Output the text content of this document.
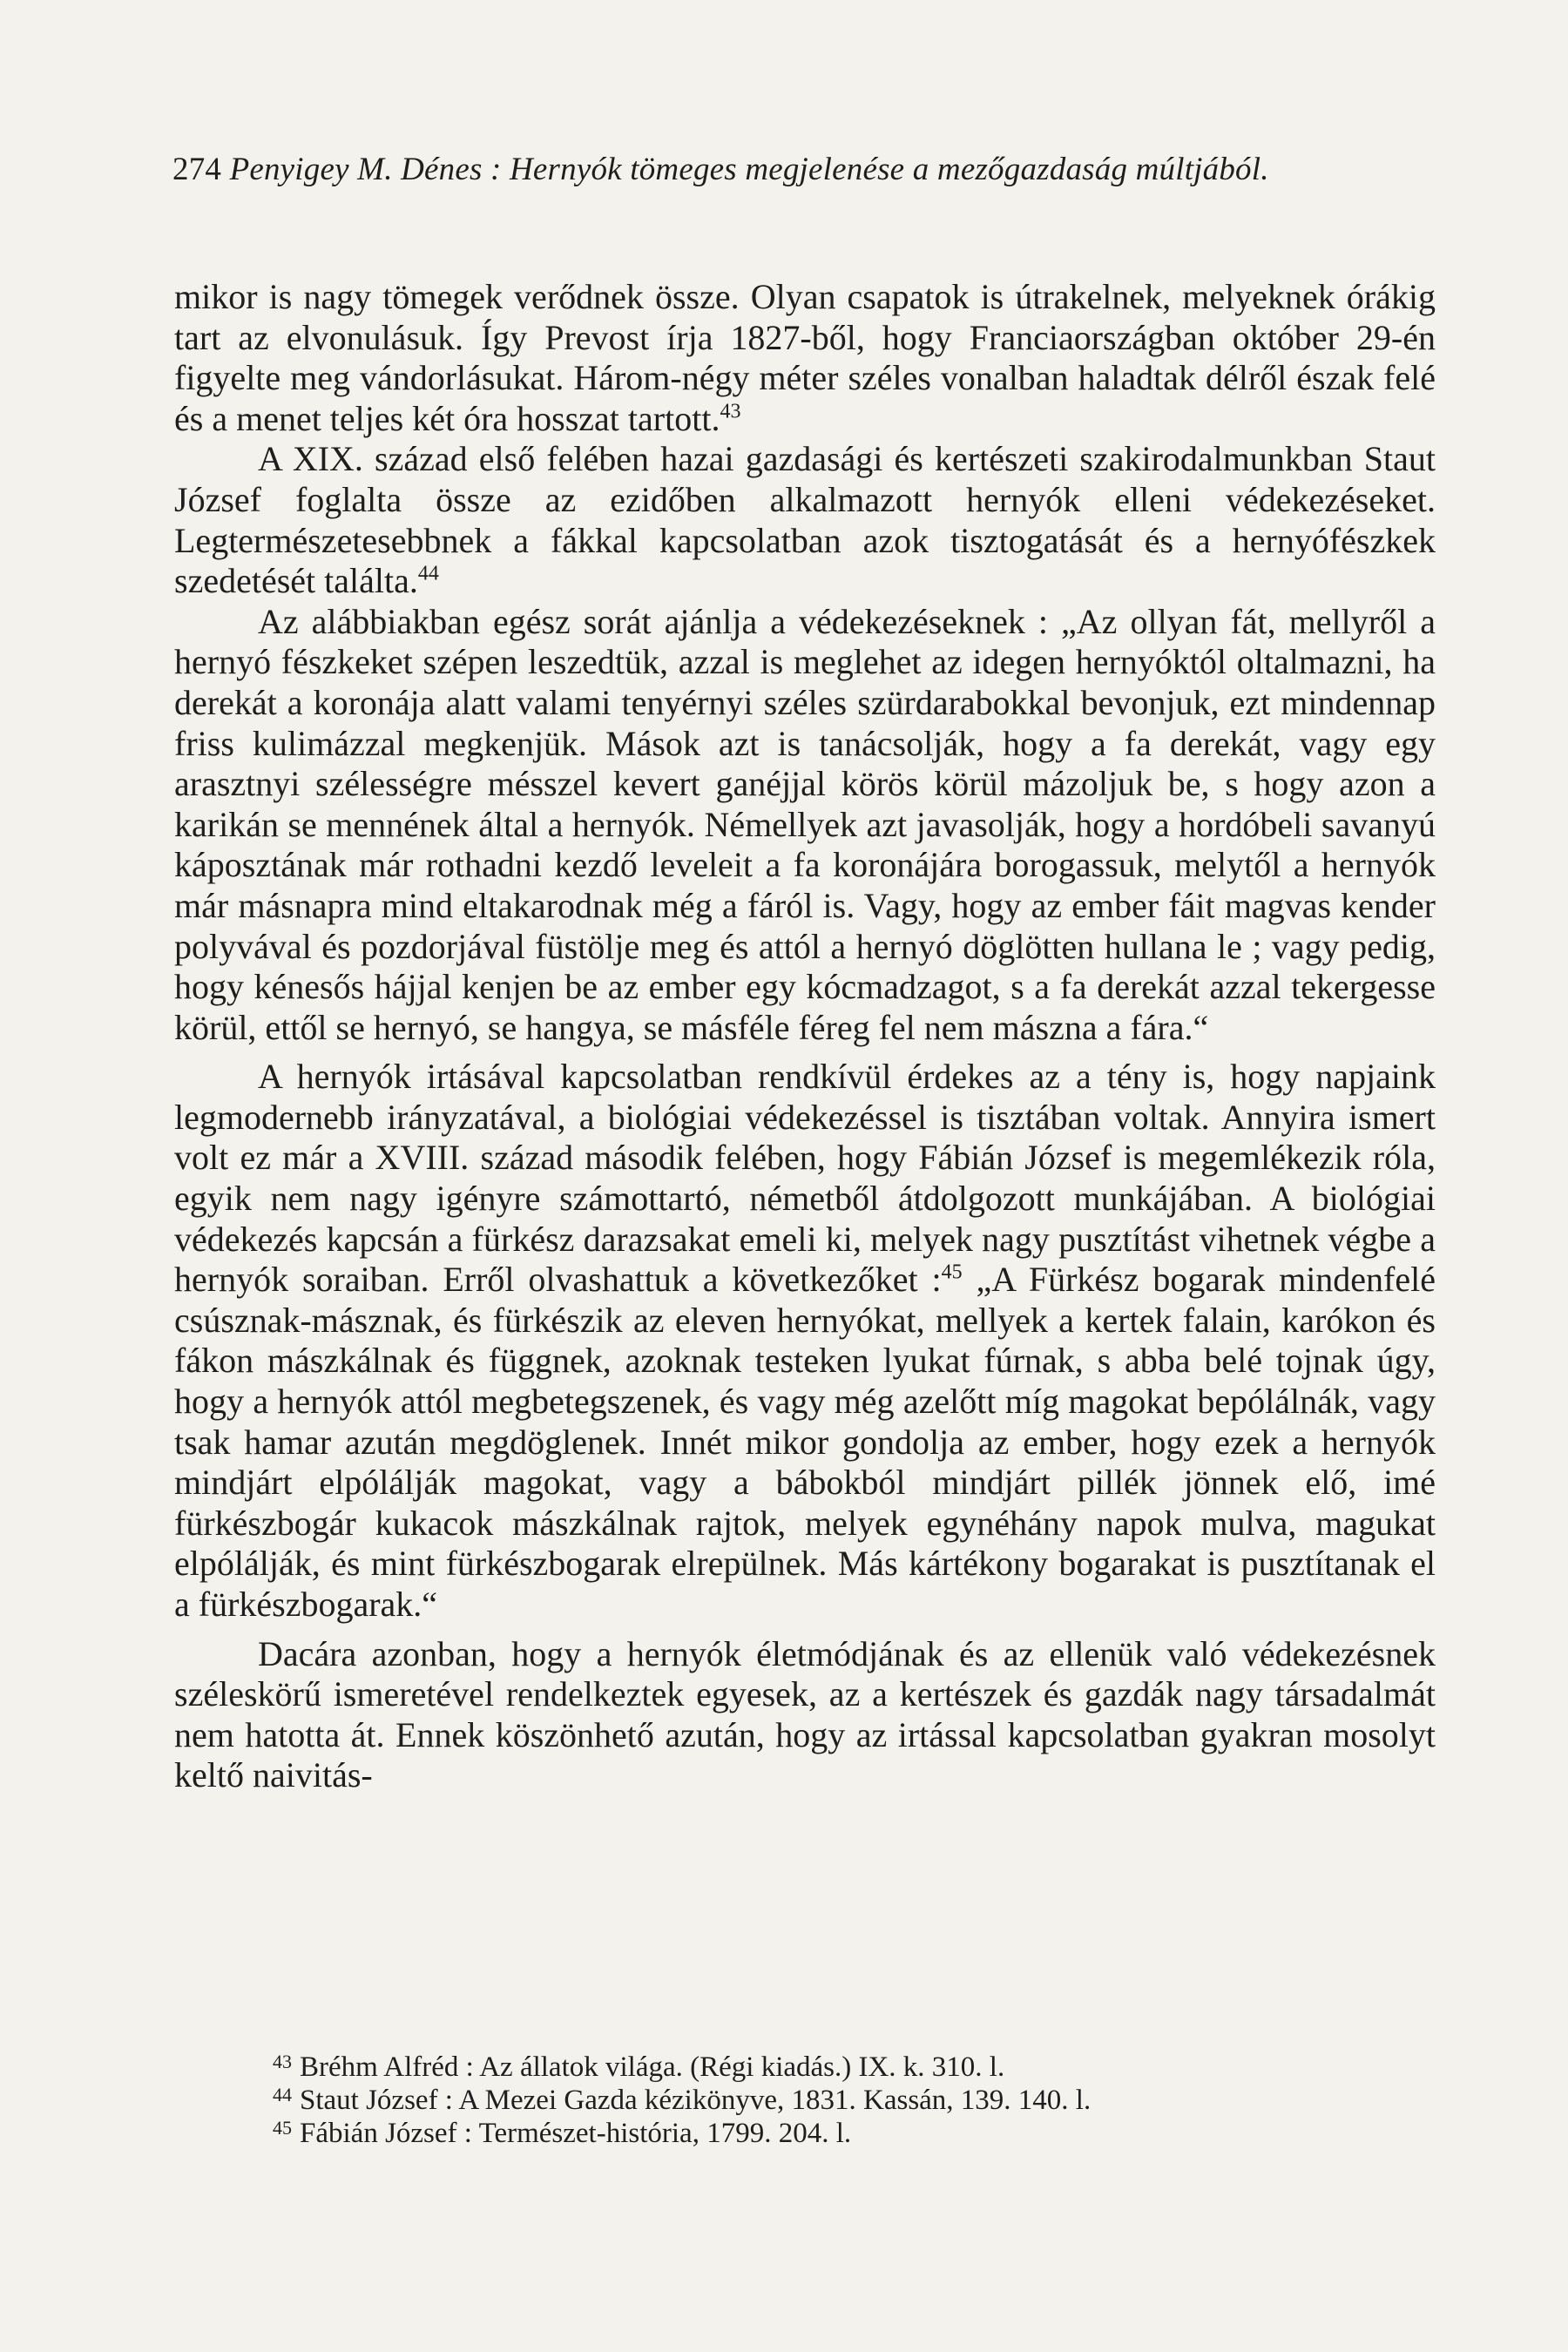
274 Penyigey M. Dénes : Hernyók tömeges megjelenése a mezőgazdaság múltjából.

mikor is nagy tömegek verődnek össze. Olyan csapatok is útrakelnek, melyeknek órákig tart az elvonulásuk. Így Prevost írja 1827-ből, hogy Franciaországban október 29-én figyelte meg vándorlásukat. Három-négy méter széles vonalban haladtak délről észak felé és a menet teljes két óra hosszat tartott.$^{43}$

A XIX. század első felében hazai gazdasági és kertészeti szakirodalmunkban Staut József foglalta össze az ezidőben alkalmazott hernyók elleni védekezéseket. Legtermészetesebbnek a fákkal kapcsolatban azok tisztogatását és a hernyófészkek szedetését találta.$^{44}$

Az alábbiakban egész sorát ajánlja a védekezéseknek : „Az ollyan fát, mellyről a hernyó fészkeket szépen leszedtük, azzal is meglehet az idegen hernyóktól oltalmazni, ha derekát a koronája alatt valami tenyérnyi széles szürdarabokkal bevonjuk, ezt mindennap friss kulimázzal megkenjük. Mások azt is tanácsolják, hogy a fa derekát, vagy egy arasztnyi szélességre mésszel kevert ganéjjal körös körül mázoljuk be, s hogy azon a karikán se mennének által a hernyók. Némellyek azt javasolják, hogy a hordóbeli savanyú káposztának már rothadni kezdő leveleit a fa koronájára borogassuk, melytől a hernyók már másnapra mind eltakarodnak még a fáról is. Vagy, hogy az ember fáit magvas kender polyvával és pozdorjával füstölje meg és attól a hernyó döglötten hullana le ; vagy pedig, hogy kénesős hájjal kenjen be az ember egy kócmadzagot, s a fa derekát azzal tekergesse körül, ettől se hernyó, se hangya, se másféle féreg fel nem mászna a fára.“

A hernyók irtásával kapcsolatban rendkívül érdekes az a tény is, hogy napjaink legmodernebb irányzatával, a biológiai védekezéssel is tisztában voltak. Annyira ismert volt ez már a XVIII. század második felében, hogy Fábián József is megemlékezik róla, egyik nem nagy igényre számottartó, németből átdolgozott munkájában. A biológiai védekezés kapcsán a fürkész darazsakat emeli ki, melyek nagy pusztítást vihetnek végbe a hernyók soraiban. Erről olvashattuk a következőket :$^{45}$ „A Fürkész bogarak mindenfelé csúsznak-másznak, és fürkészik az eleven hernyókat, mellyek a kertek falain, karókon és fákon mászkálnak és függnek, azoknak testeken lyukat fúrnak, s abba belé tojnak úgy, hogy a hernyók attól megbetegszenek, és vagy még azelőtt míg magokat bepólálnák, vagy tsak hamar azután megdöglenek. Innét mikor gondolja az ember, hogy ezek a hernyók mindjárt elpólálják magokat, vagy a bábokból mindjárt pillék jönnek elő, imé fürkészbogár kukacok mászkálnak rajtok, melyek egynéhány napok mulva, magukat elpólálják, és mint fürkészbogarak elrepülnek. Más kártékony bogarakat is pusztítanak el a fürkészbogarak.“

Dacára azonban, hogy a hernyók életmódjának és az ellenük való védekezésnek széleskörű ismeretével rendelkeztek egyesek, az a kertészek és gazdák nagy társadalmát nem hatotta át. Ennek köszönhető azután, hogy az irtással kapcsolatban gyakran mosolyt keltő naivitás-

43 Bréhm Alfréd : Az állatok világa. (Régi kiadás.) IX. k. 310. l.
44 Staut József : A Mezei Gazda kézikönyve, 1831. Kassán, 139. 140. l.
45 Fábián József : Természet-história, 1799. 204. l.
